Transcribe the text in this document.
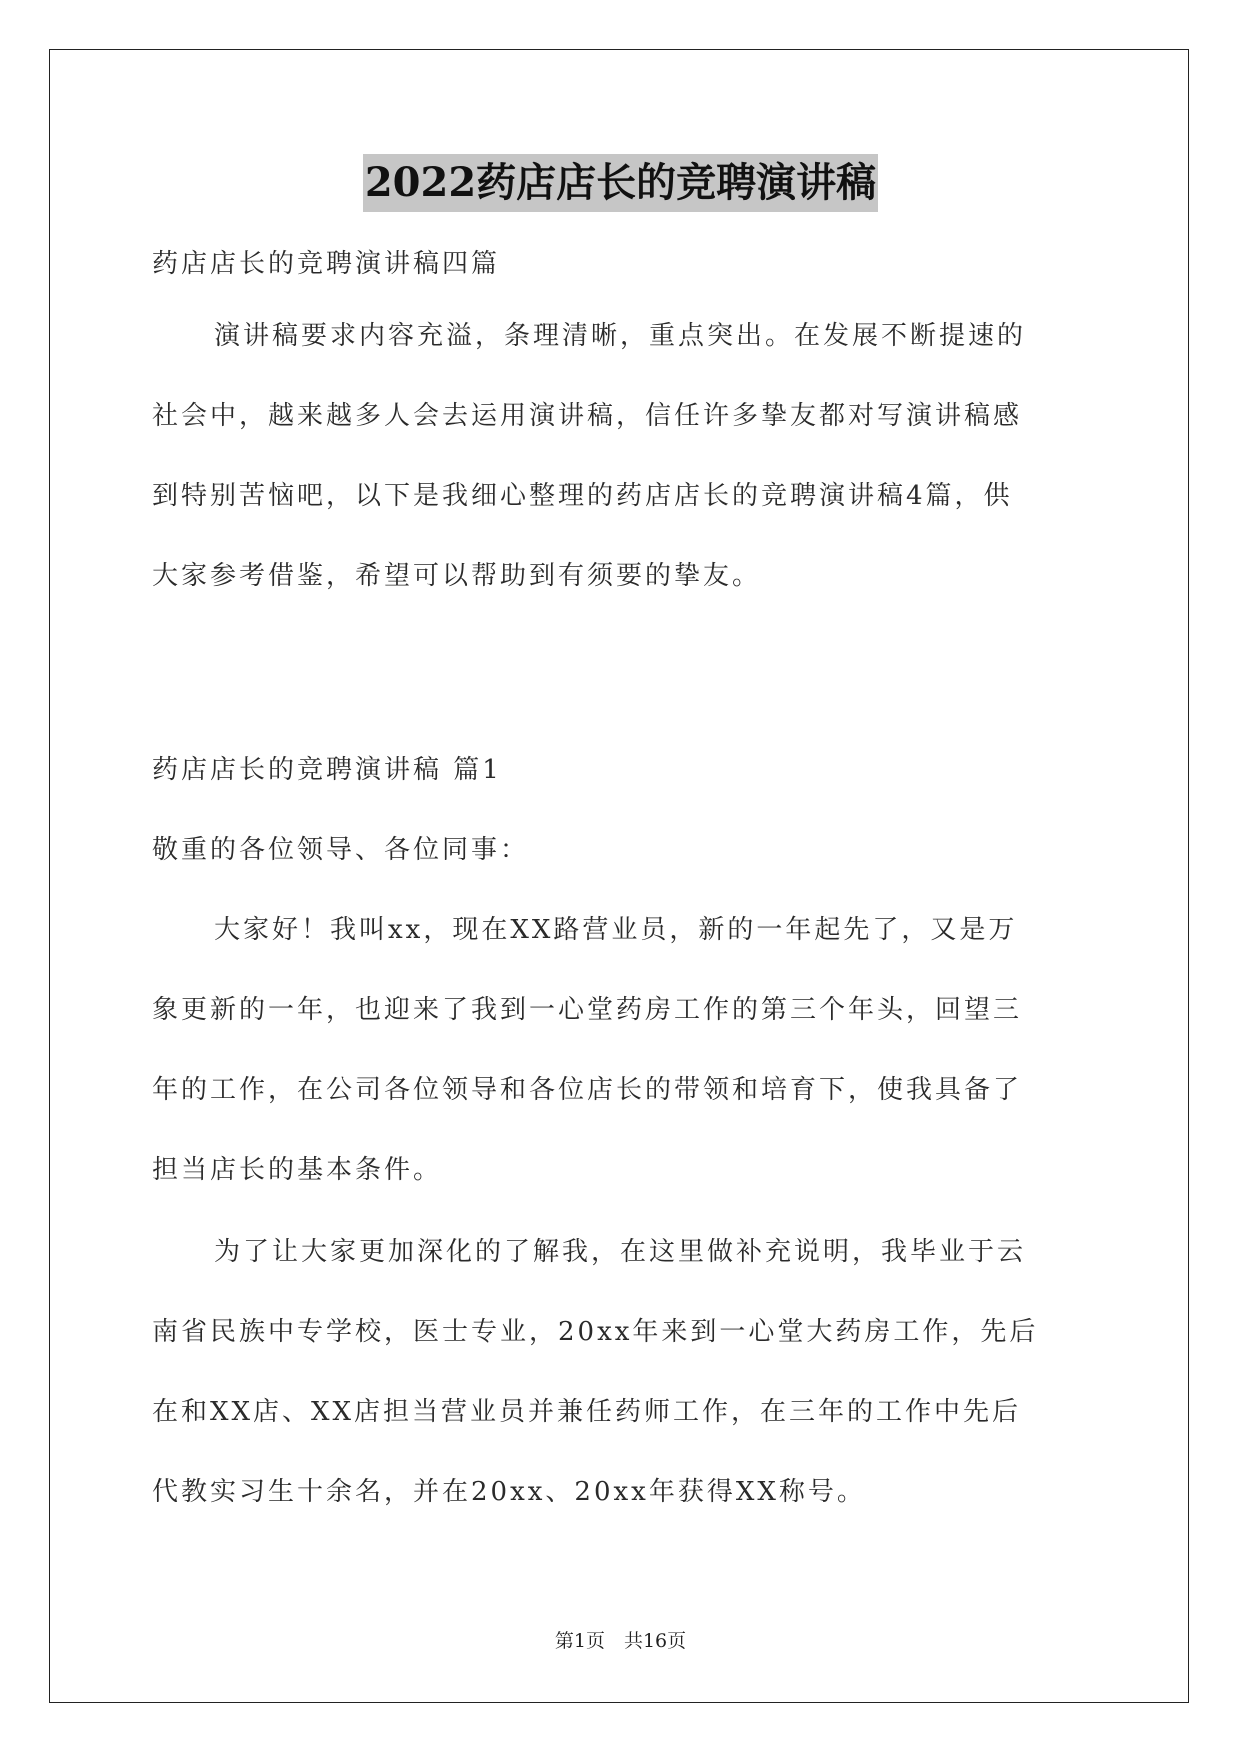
2022药店店长的竞聘演讲稿
药店店长的竞聘演讲稿四篇
演讲稿要求内容充溢，条理清晰，重点突出。在发展不断提速的
社会中，越来越多人会去运用演讲稿，信任许多挚友都对写演讲稿感
到特别苦恼吧，以下是我细心整理的药店店长的竞聘演讲稿4篇，供
大家参考借鉴，希望可以帮助到有须要的挚友。
药店店长的竞聘演讲稿 篇1
敬重的各位领导、各位同事：
大家好！我叫xx，现在XX路营业员，新的一年起先了，又是万
象更新的一年，也迎来了我到一心堂药房工作的第三个年头，回望三
年的工作，在公司各位领导和各位店长的带领和培育下，使我具备了
担当店长的基本条件。
为了让大家更加深化的了解我，在这里做补充说明，我毕业于云
南省民族中专学校，医士专业，20xx年来到一心堂大药房工作，先后
在和XX店、XX店担当营业员并兼任药师工作，在三年的工作中先后
代教实习生十余名，并在20xx、20xx年获得XX称号。
第1页　共16页
